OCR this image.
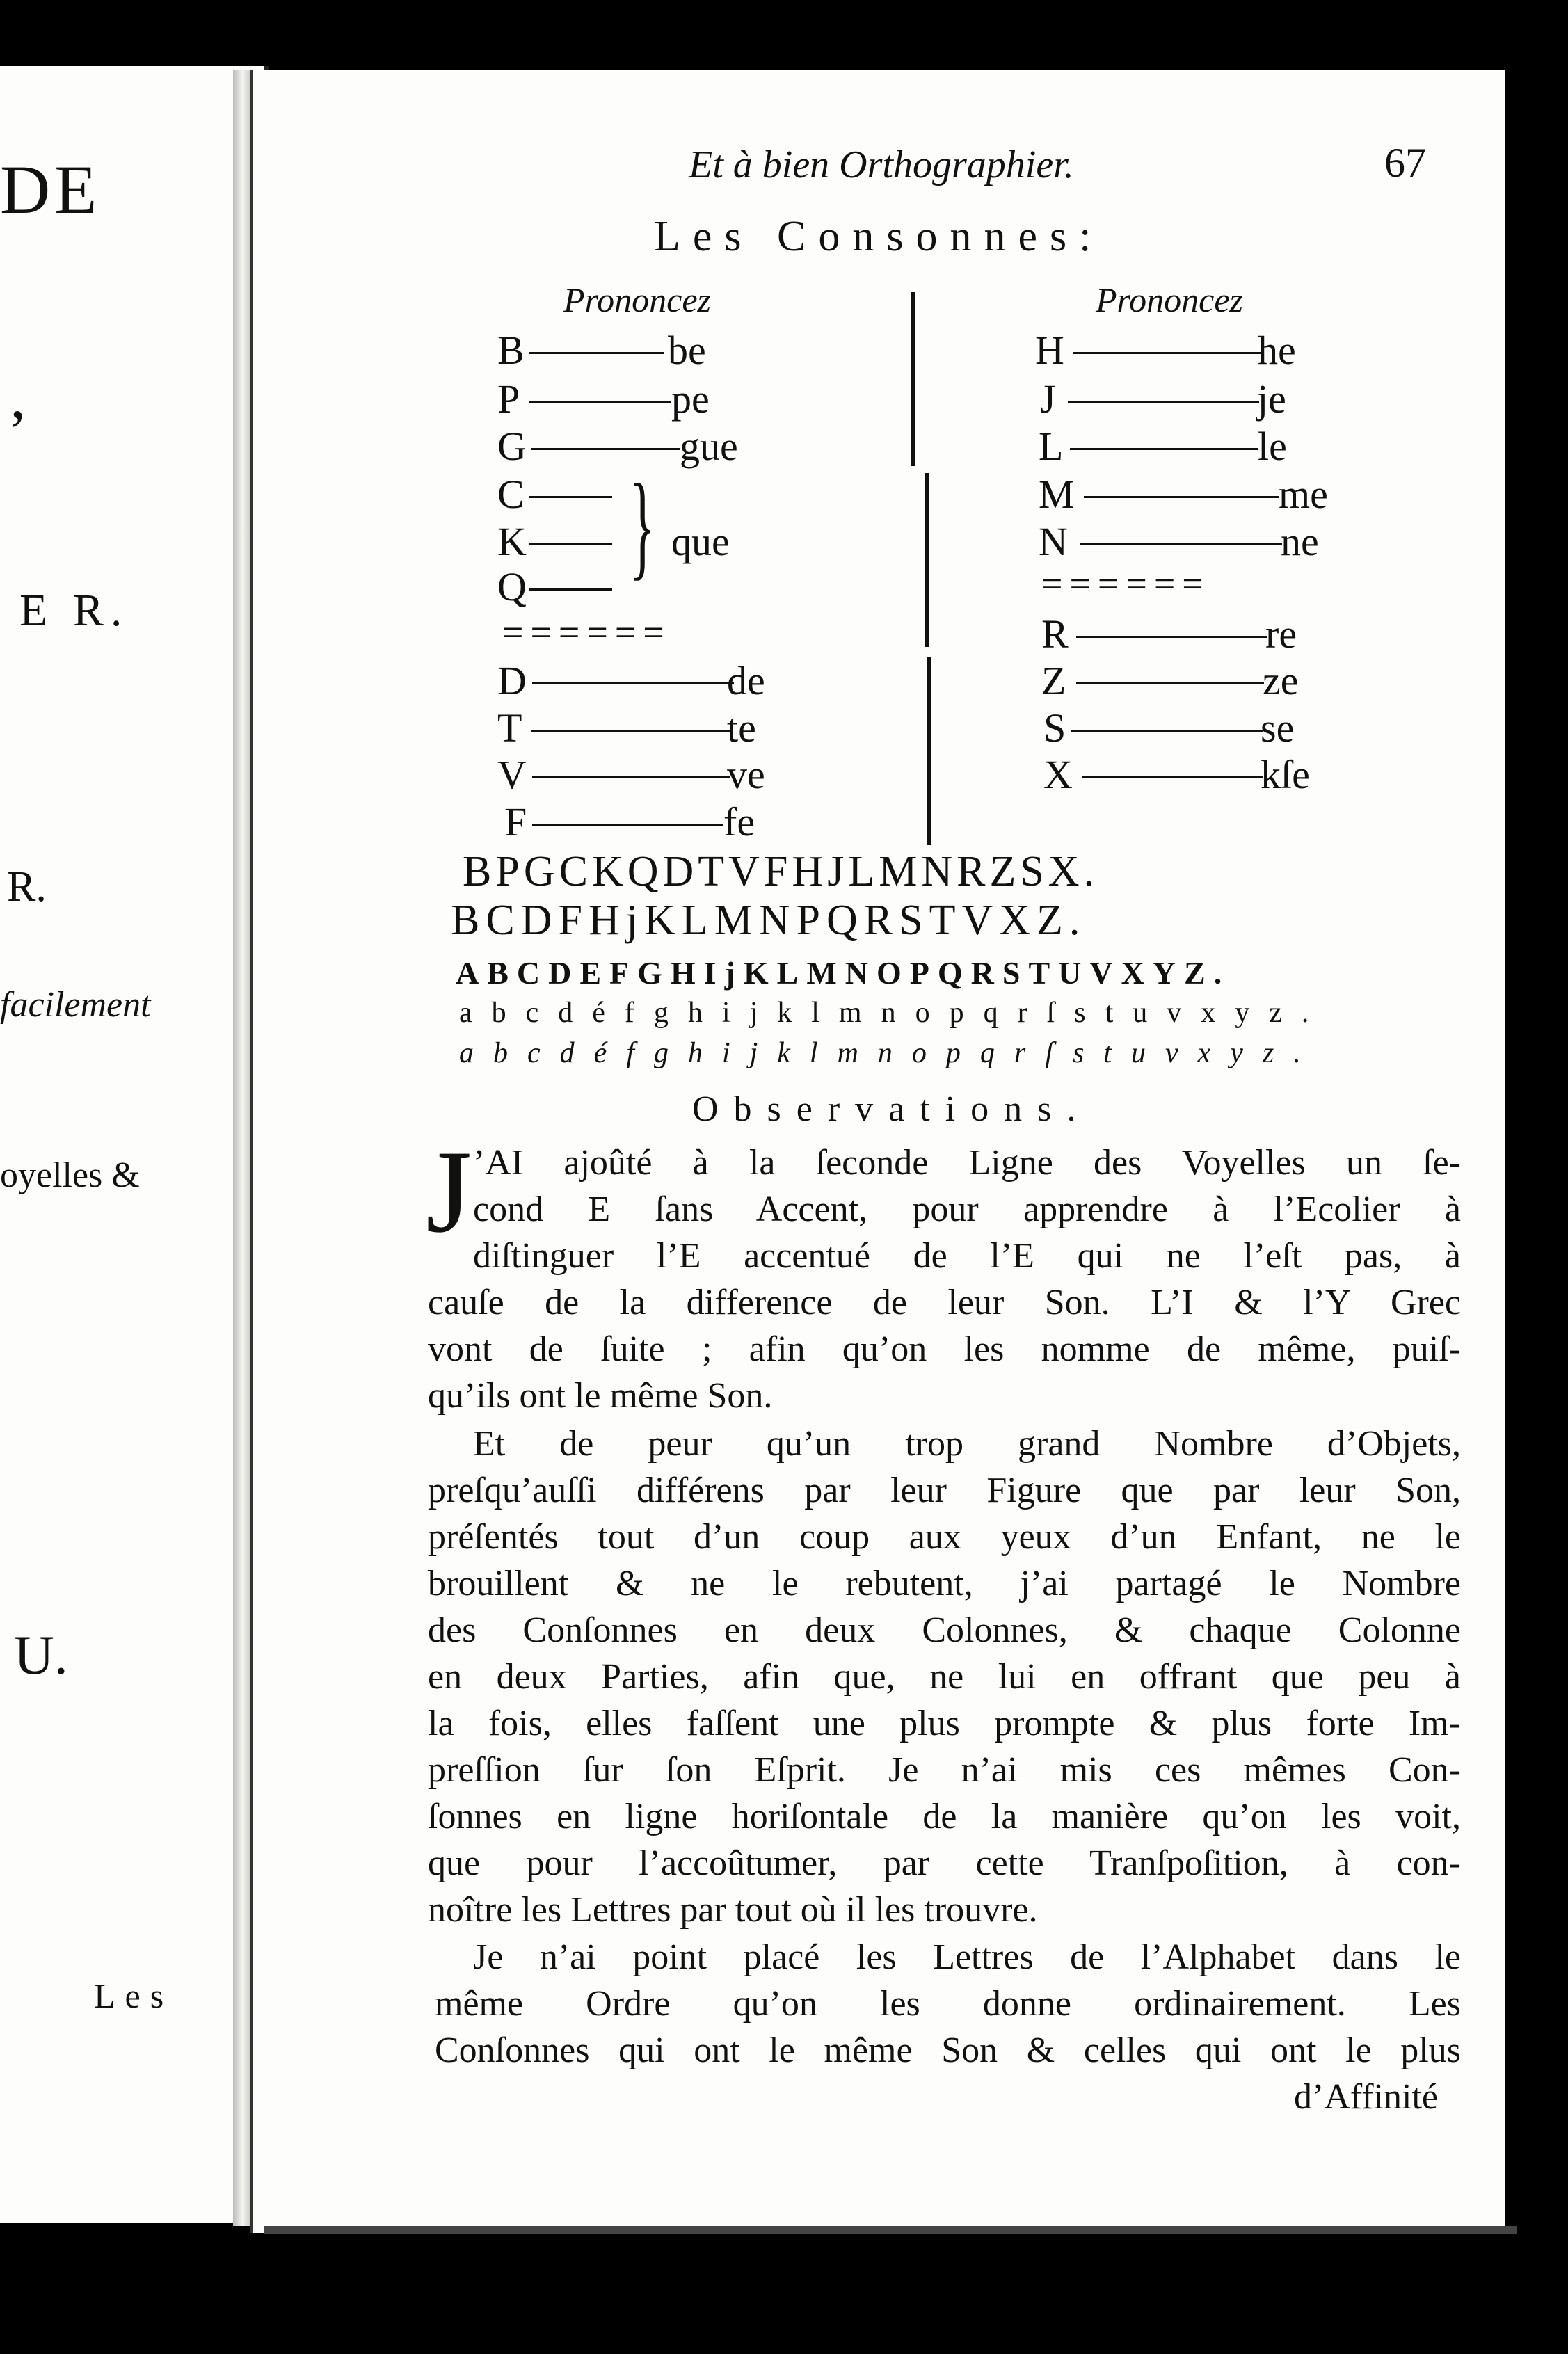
DE
’
E R.
R.
facilement
oyelles &
U.
Les
Et à bien Orthographier.	67
Les Consonnes:
Prononcez
B	be
P	pe
G	gue
C
K
Q } que
======
D	de
T	te
V	ve
F	fe
Prononcez
H	he
J	je
L	le
M	me
N	ne
======
R	re
Z	ze
S	se
X	kſe
BPGCKQDTVFHJLMNRZSX.
BCDFHjKLMNPQRSTVXZ.
ABCDEFGHIjKLMNOPQRSTUVXYZ.
abcdéfghijklmnopqrſstuvxyz.
abcdéfghijklmnopqrſstuvxyz.
Observations.
J ’AI ajoûté à la ſeconde Ligne des Voyelles un ſe-
cond E ſans Accent, pour apprendre à l’Ecolier à
diſtinguer l’E accentué de l’E qui ne l’eſt pas, à
cauſe de la difference de leur Son. L’I & l’Y Grec
vont de ſuite ; afin qu’on les nomme de même, puiſ-
qu’ils ont le même Son.
Et de peur qu’un trop grand Nombre d’Objets,
preſqu’auſſi différens par leur Figure que par leur Son,
préſentés tout d’un coup aux yeux d’un Enfant, ne le
brouillent & ne le rebutent, j’ai partagé le Nombre
des Conſonnes en deux Colonnes, & chaque Colonne
en deux Parties, afin que, ne lui en offrant que peu à
la fois, elles faſſent une plus prompte & plus forte Im-
preſſion ſur ſon Eſprit. Je n’ai mis ces mêmes Con-
ſonnes en ligne horiſontale de la manière qu’on les voit,
que pour l’accoûtumer, par cette Tranſpoſition, à con-
noître les Lettres par tout où il les trouvre.
Je n’ai point placé les Lettres de l’Alphabet dans le
même Ordre qu’on les donne ordinairement. Les
Conſonnes qui ont le même Son & celles qui ont le plus
d’Affinité
